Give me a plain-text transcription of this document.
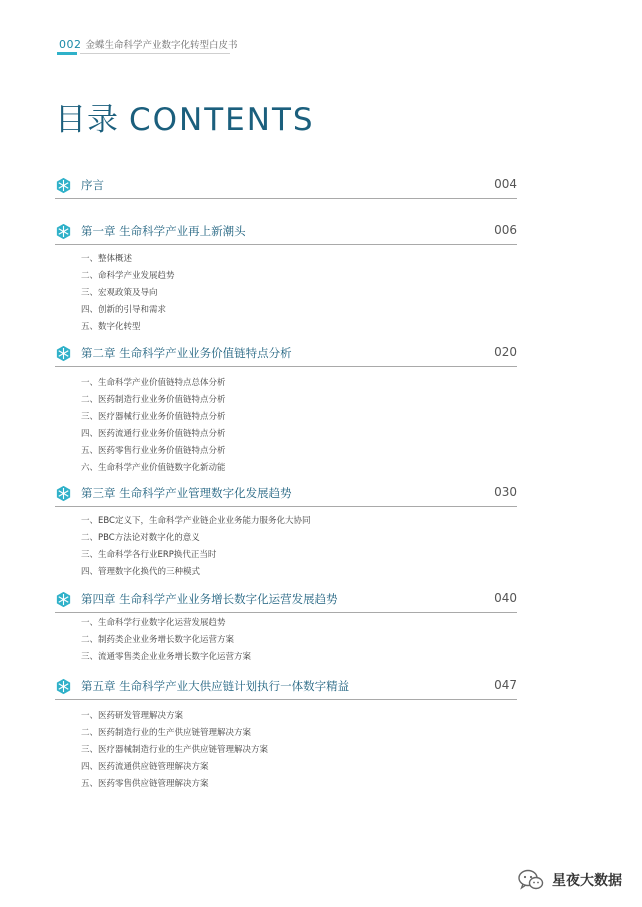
002 金蝶生命科学产业数字化转型白皮书
目录 CONTENTS
序言	004
第一章 生命科学产业再上新潮头	006
一、整体概述
二、命科学产业发展趋势
三、宏观政策及导向
四、创新的引导和需求
五、数字化转型
第二章 生命科学产业业务价值链特点分析	020
一、生命科学产业价值链特点总体分析
二、医药制造行业业务价值链特点分析
三、医疗器械行业业务价值链特点分析
四、医药流通行业业务价值链特点分析
五、医药零售行业业务价值链特点分析
六、生命科学产业价值链数字化新动能
第三章 生命科学产业管理数字化发展趋势	030
一、EBC定义下，生命科学产业链企业业务能力服务化大协同
二、PBC方法论对数字化的意义
三、生命科学各行业ERP换代正当时
四、管理数字化换代的三种模式
第四章 生命科学产业业务增长数字化运营发展趋势	040
一、生命科学行业数字化运营发展趋势
二、制药类企业业务增长数字化运营方案
三、流通零售类企业业务增长数字化运营方案
第五章 生命科学产业大供应链计划执行一体数字精益	047
一、医药研发管理解决方案
二、医药制造行业的生产供应链管理解决方案
三、医疗器械制造行业的生产供应链管理解决方案
四、医药流通供应链管理解决方案
五、医药零售供应链管理解决方案
星夜大数据
